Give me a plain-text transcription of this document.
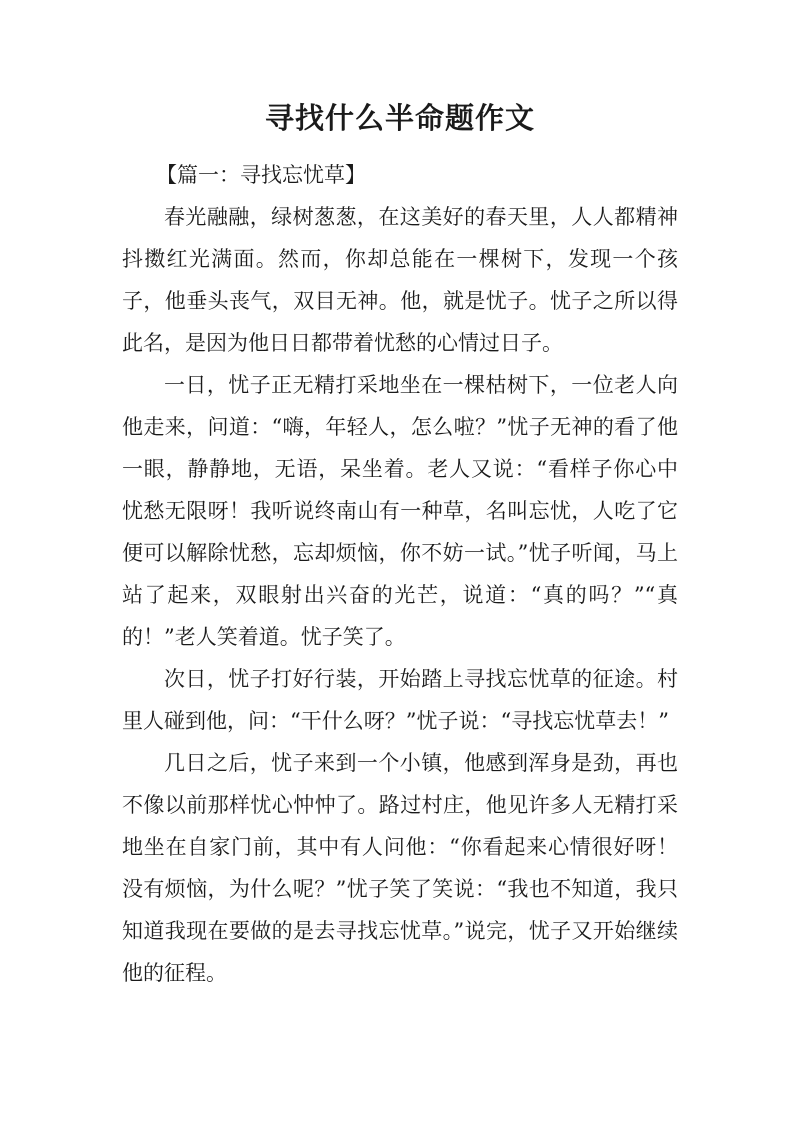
寻找什么半命题作文
【篇一：寻找忘忧草】

春光融融，绿树葱葱，在这美好的春天里，人人都精神抖擞红光满面。然而，你却总能在一棵树下，发现一个孩子，他垂头丧气，双目无神。他，就是忧子。忧子之所以得此名，是因为他日日都带着忧愁的心情过日子。

一日，忧子正无精打采地坐在一棵枯树下，一位老人向他走来，问道：“嗨，年轻人，怎么啦？”忧子无神的看了他一眼，静静地，无语，呆坐着。老人又说：“看样子你心中忧愁无限呀！我听说终南山有一种草，名叫忘忧，人吃了它便可以解除忧愁，忘却烦恼，你不妨一试。”忧子听闻，马上站了起来，双眼射出兴奋的光芒，说道：“真的吗？”“真的！”老人笑着道。忧子笑了。

次日，忧子打好行装，开始踏上寻找忘忧草的征途。村里人碰到他，问：“干什么呀？”忧子说：“寻找忘忧草去！”

几日之后，忧子来到一个小镇，他感到浑身是劲，再也不像以前那样忧心忡忡了。路过村庄，他见许多人无精打采地坐在自家门前，其中有人问他：“你看起来心情很好呀！没有烦恼，为什么呢？”忧子笑了笑说：“我也不知道，我只知道我现在要做的是去寻找忘忧草。”说完，忧子又开始继续他的征程。
